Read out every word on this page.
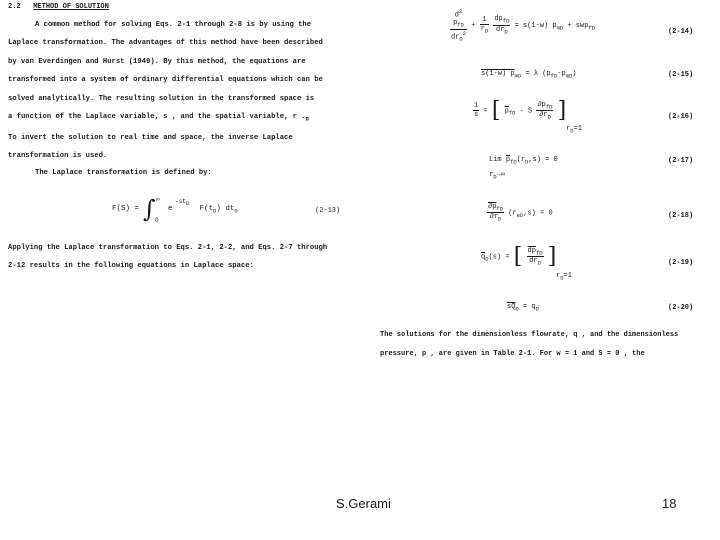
2.2 METHOD OF SOLUTION
A common method for solving Eqs. 2-1 through 2-8 is by using the
Laplace transformation. The advantages of this method have been described
by van Everdingen and Hurst (1949). By this method, the equations are
transformed into a system of ordinary differential equations which can be
solved analytically. The resulting solution in the transformed space is
a function of the Laplace variable, s , and the spatial variable, r $._D$
To invert the solution to real time and space, the inverse Laplace
transformation is used.
The Laplace transformation is defined by:
F(S) = ∫ ∞
0
-stD
e	$F(t_D)$ $dt_D$	(2-13)
Applying the Laplace transformation to Eqs. 2-1, 2-2, and Eqs. 2-7 through
2-12 results in the following equations in Laplace space:
$d^2$
$p_{fD}$
$dr_D^2$
+ $\frac{1}{r_D}$
$\frac{dp_{fD}}{dr_D} = s(1-w) p_{mD} + swp_{fD}$
(2-14)
s(1-w) $p_{mD} = \lambda$ $(p_{fD}-p_{mD})$	(2-15)
$\frac{1}{s}$ = [ $\overline{p}_{fD}$ - S $\frac{\partial p_{fD}}{\partial r_D}$ ]
$r_D=1$
(2-16)
Lim $\overline{p}_{fD}(r_D,s) = 0$
$r_D\to\infty$
(2-17)
$\frac{\partial p_{fD}}{\partial r_D} (r_{eD},s) = 0$	(2-18)
$\overline{q}_D(s)$ = [ $\frac{\overline{dp}_{fD}}{dr_D}$ ]
$r_D=1$
(2-19)
$\overline{sQ}_D = q_D$	(2-20)
The solutions for the dimensionless flowrate, q , and the dimensionless
pressure, p , are given in Table 2-1. For w = 1 and S = 0 , the
S.Gerami	18
